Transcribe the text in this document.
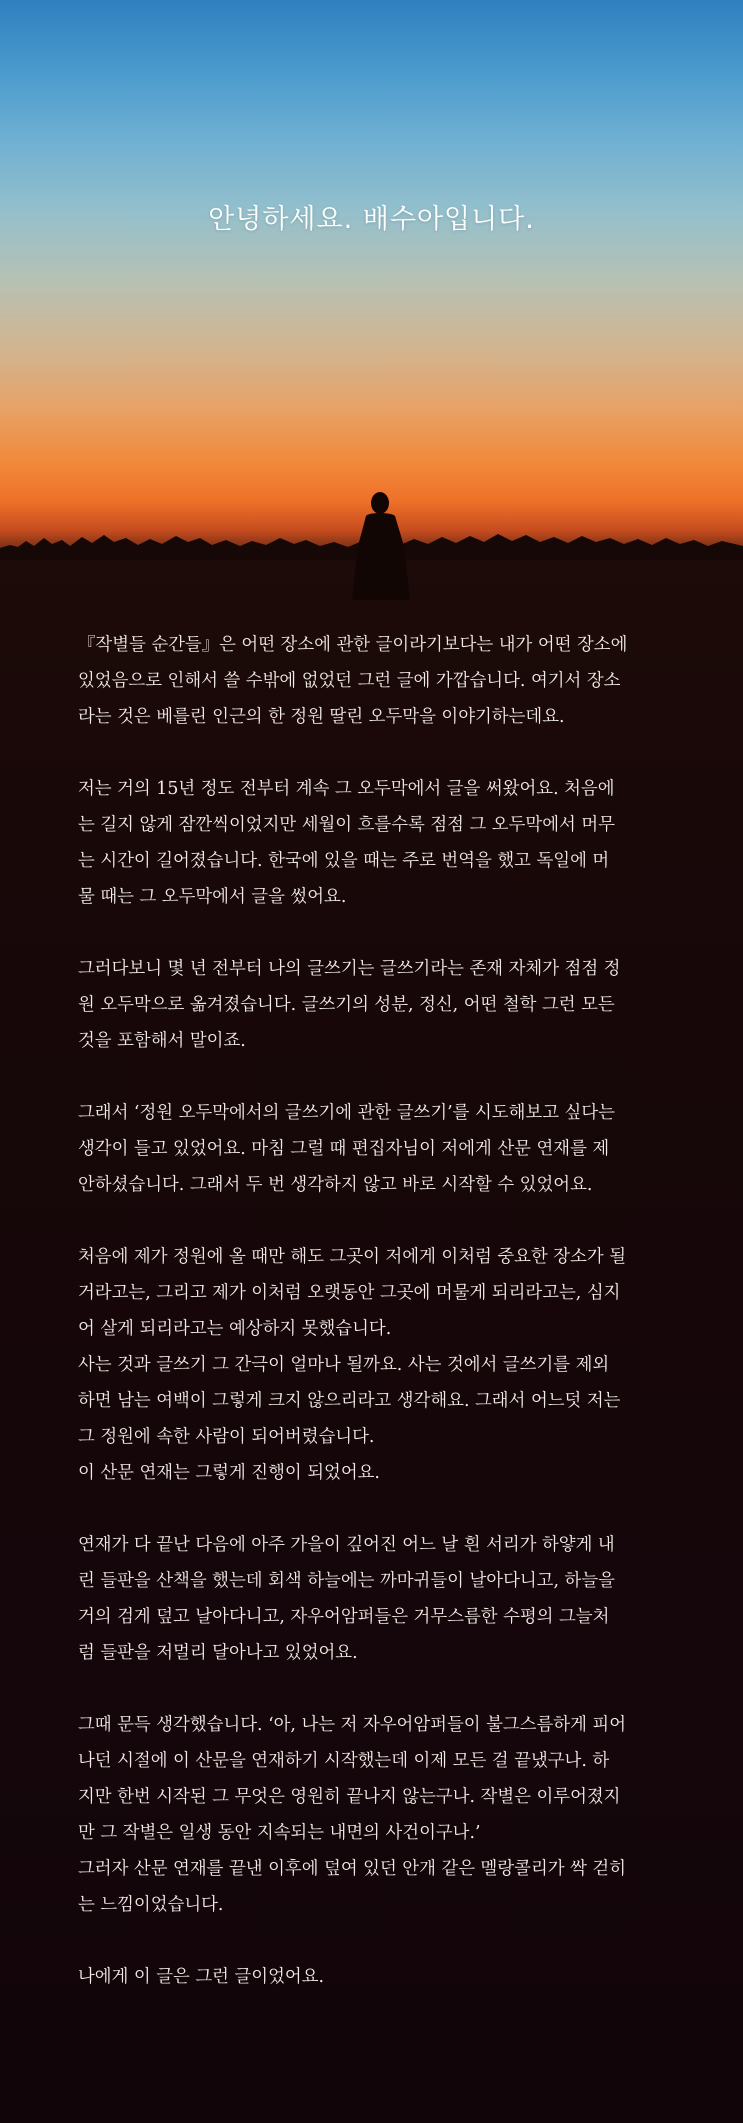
안녕하세요. 배수아입니다.
『작별들 순간들』은 어떤 장소에 관한 글이라기보다는 내가 어떤 장소에
있었음으로 인해서 쓸 수밖에 없었던 그런 글에 가깝습니다. 여기서 장소
라는 것은 베를린 인근의 한 정원 딸린 오두막을 이야기하는데요.
저는 거의 15년 정도 전부터 계속 그 오두막에서 글을 써왔어요. 처음에
는 길지 않게 잠깐씩이었지만 세월이 흐를수록 점점 그 오두막에서 머무
는 시간이 길어졌습니다. 한국에 있을 때는 주로 번역을 했고 독일에 머
물 때는 그 오두막에서 글을 썼어요.
그러다보니 몇 년 전부터 나의 글쓰기는 글쓰기라는 존재 자체가 점점 정
원 오두막으로 옮겨졌습니다. 글쓰기의 성분, 정신, 어떤 철학 그런 모든
것을 포함해서 말이죠.
그래서 ‘정원 오두막에서의 글쓰기에 관한 글쓰기’를 시도해보고 싶다는
생각이 들고 있었어요. 마침 그럴 때 편집자님이 저에게 산문 연재를 제
안하셨습니다. 그래서 두 번 생각하지 않고 바로 시작할 수 있었어요.
처음에 제가 정원에 올 때만 해도 그곳이 저에게 이처럼 중요한 장소가 될
거라고는, 그리고 제가 이처럼 오랫동안 그곳에 머물게 되리라고는, 심지
어 살게 되리라고는 예상하지 못했습니다.
사는 것과 글쓰기 그 간극이 얼마나 될까요. 사는 것에서 글쓰기를 제외
하면 남는 여백이 그렇게 크지 않으리라고 생각해요. 그래서 어느덧 저는
그 정원에 속한 사람이 되어버렸습니다.
이 산문 연재는 그렇게 진행이 되었어요.
연재가 다 끝난 다음에 아주 가을이 깊어진 어느 날 흰 서리가 하얗게 내
린 들판을 산책을 했는데 회색 하늘에는 까마귀들이 날아다니고, 하늘을
거의 검게 덮고 날아다니고, 자우어암퍼들은 거무스름한 수평의 그늘처
럼 들판을 저멀리 달아나고 있었어요.
그때 문득 생각했습니다. ‘아, 나는 저 자우어암퍼들이 불그스름하게 피어
나던 시절에 이 산문을 연재하기 시작했는데 이제 모든 걸 끝냈구나. 하
지만 한번 시작된 그 무엇은 영원히 끝나지 않는구나. 작별은 이루어졌지
만 그 작별은 일생 동안 지속되는 내면의 사건이구나.’
그러자 산문 연재를 끝낸 이후에 덮여 있던 안개 같은 멜랑콜리가 싹 걷히
는 느낌이었습니다.
나에게 이 글은 그런 글이었어요.
